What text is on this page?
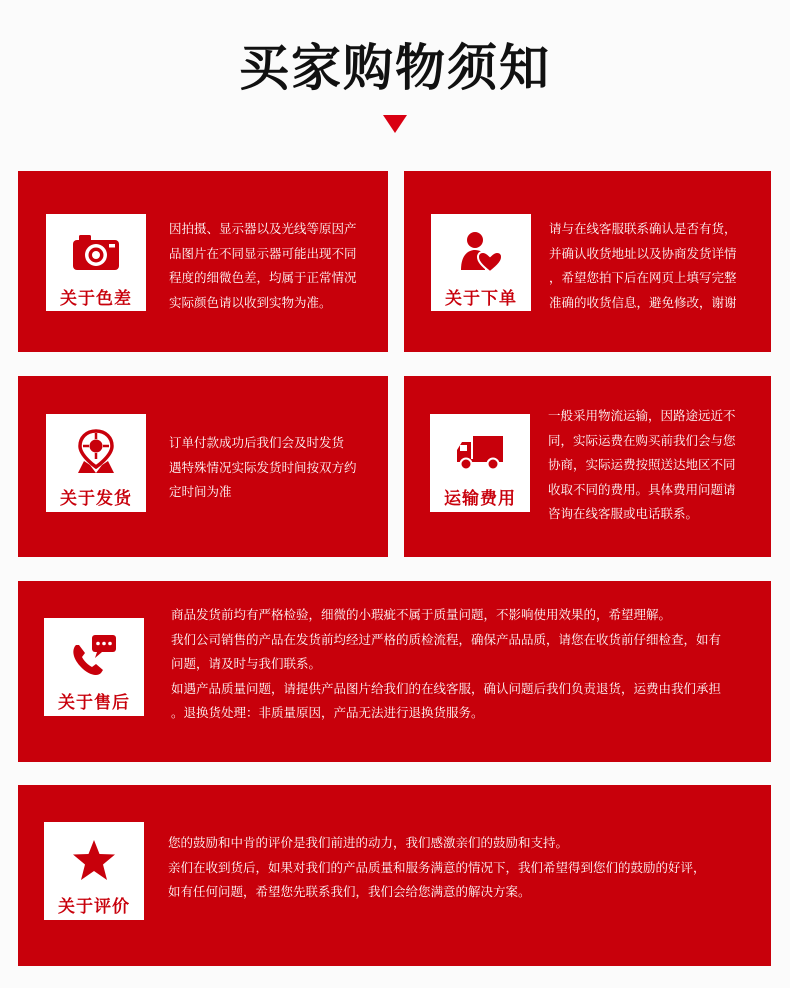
买家购物须知
关于色差

因拍摄、显示器以及光线等原因产

品图片在不同显示器可能出现不同

程度的细微色差，均属于正常情况

实际颜色请以收到实物为准。	关于下单

请与在线客服联系确认是否有货，

并确认收货地址以及协商发货详情

，希望您拍下后在网页上填写完整

准确的收货信息，避免修改，谢谢

关于发货

订单付款成功后我们会及时发货

遇特殊情况实际发货时间按双方约

定时间为准	运输费用

一般采用物流运输，因路途远近不

同，实际运费在购买前我们会与您

协商，实际运费按照送达地区不同

收取不同的费用。具体费用问题请

咨询在线客服或电话联系。

关于售后

商品发货前均有严格检验，细微的小瑕疵不属于质量问题，不影响使用效果的，希望理解。

我们公司销售的产品在发货前均经过严格的质检流程，确保产品品质，请您在收货前仔细检查，如有

问题，请及时与我们联系。

如遇产品质量问题，请提供产品图片给我们的在线客服，确认问题后我们负责退货，运费由我们承担

。退换货处理：非质量原因，产品无法进行退换货服务。

关于评价

您的鼓励和中肯的评价是我们前进的动力，我们感激亲们的鼓励和支持。

亲们在收到货后，如果对我们的产品质量和服务满意的情况下，我们希望得到您们的鼓励的好评，

如有任何问题，希望您先联系我们，我们会给您满意的解决方案。
